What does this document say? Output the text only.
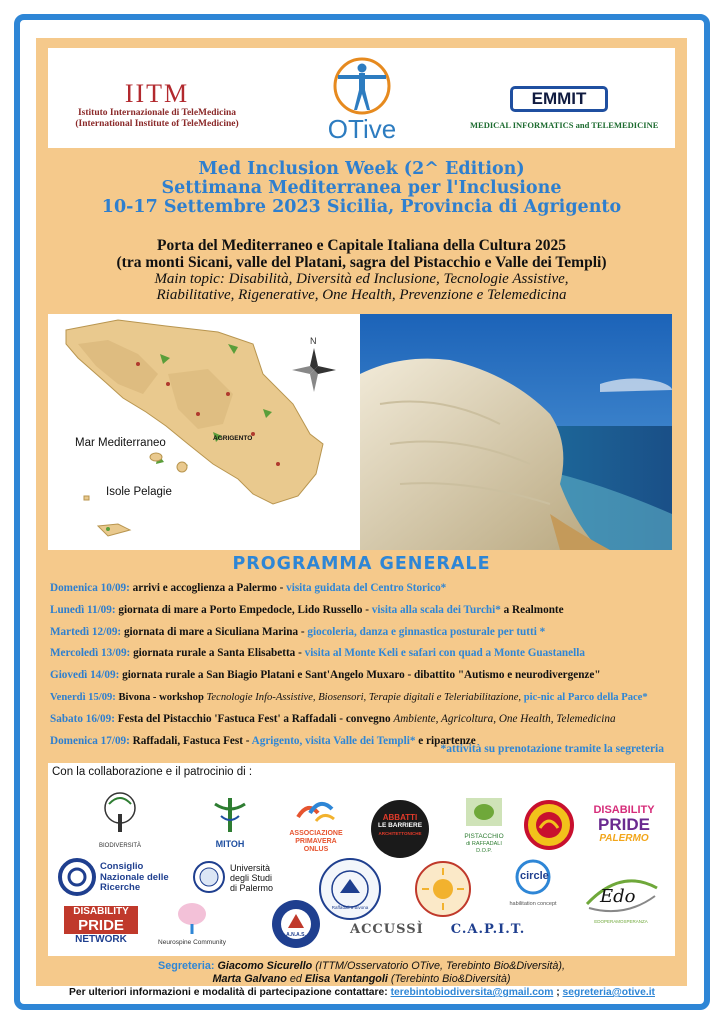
IITM
Istituto Internazionale di TeleMedicina
(International Institute of TeleMedicine)	OTive
EMMIT
MEDICAL INFORMATICS and TELEMEDICINE
Med Inclusion Week (2^ Edition)
Settimana Mediterranea per l'Inclusione
10-17 Settembre 2023 Sicilia, Provincia di Agrigento
Porta del Mediterraneo e Capitale Italiana della Cultura 2025
(tra monti Sicani, valle del Platani, sagra del Pistacchio e Valle dei Templi)
Main topic: Disabilità, Diversità ed Inclusione, Tecnologie Assistive,
Riabilitative, Rigenerative, One Health, Prevenzione e Telemedicina
N
Mar Mediterraneo
Isole Pelagie
AGRIGENTO
PROGRAMMA GENERALE
Domenica 10/09: arrivi e accoglienza a Palermo - visita guidata del Centro Storico*
Lunedì 11/09: giornata di mare a Porto Empedocle, Lido Russello - visita alla scala dei Turchi* a Realmonte
Martedì 12/09: giornata di mare a Siculiana Marina - giocoleria, danza e ginnastica posturale per tutti *
Mercoledì 13/09: giornata rurale a Santa Elisabetta - visita al Monte Keli e safari con quad a Monte Guastanella
Giovedì 14/09: giornata rurale a San Biagio Platani e Sant'Angelo Muxaro - dibattito "Autismo e neurodivergenze"
Venerdì 15/09: Bivona - workshop Tecnologie Info-Assistive, Biosensori, Terapie digitali e Teleriabilitazione, pic-nic al Parco della Pace*
Sabato 16/09: Festa del Pistacchio 'Fastuca Fest' a Raffadali - convegno Ambiente, Agricoltura, One Health, Telemedicina
Domenica 17/09: Raffadali, Fastuca Fest - Agrigento, visita Valle dei Templi* e ripartenze
*attività su prenotazione tramite la segreteria
Con la collaborazione e il patrocinio di :
BIODIVERSITÀ	MITOH
ASSOCIAZIONE
PRIMAVERA
ONLUS
ABBATTI
LE BARRIERE
ARCHITETTONICHE	PISTACCHIO
di RAFFADALI
D.O.P.
DISABILITY
PRIDE
PALERMO
Consiglio
Nazionale delle
Ricerche
Università
degli Studi
di Palermo
Raffadali a Bivona
circle
habilitation concept	Edo
EDOPERAMOSPERANZA
DISABILITY
PRIDE
NETWORK	Neurospine Community
A.N.A.S.	ACCUSSÌ C.A.P.I.T.
Segreteria: Giacomo Sicurello (ITTM/Osservatorio OTive, Terebinto Bio&Diversità),
Marta Galvano ed Elisa Vantangoli (Terebinto Bio&Diversità)
Per ulteriori informazioni e modalità di partecipazione contattare: terebintobiodiversita@gmail.com ; segreteria@otive.it
